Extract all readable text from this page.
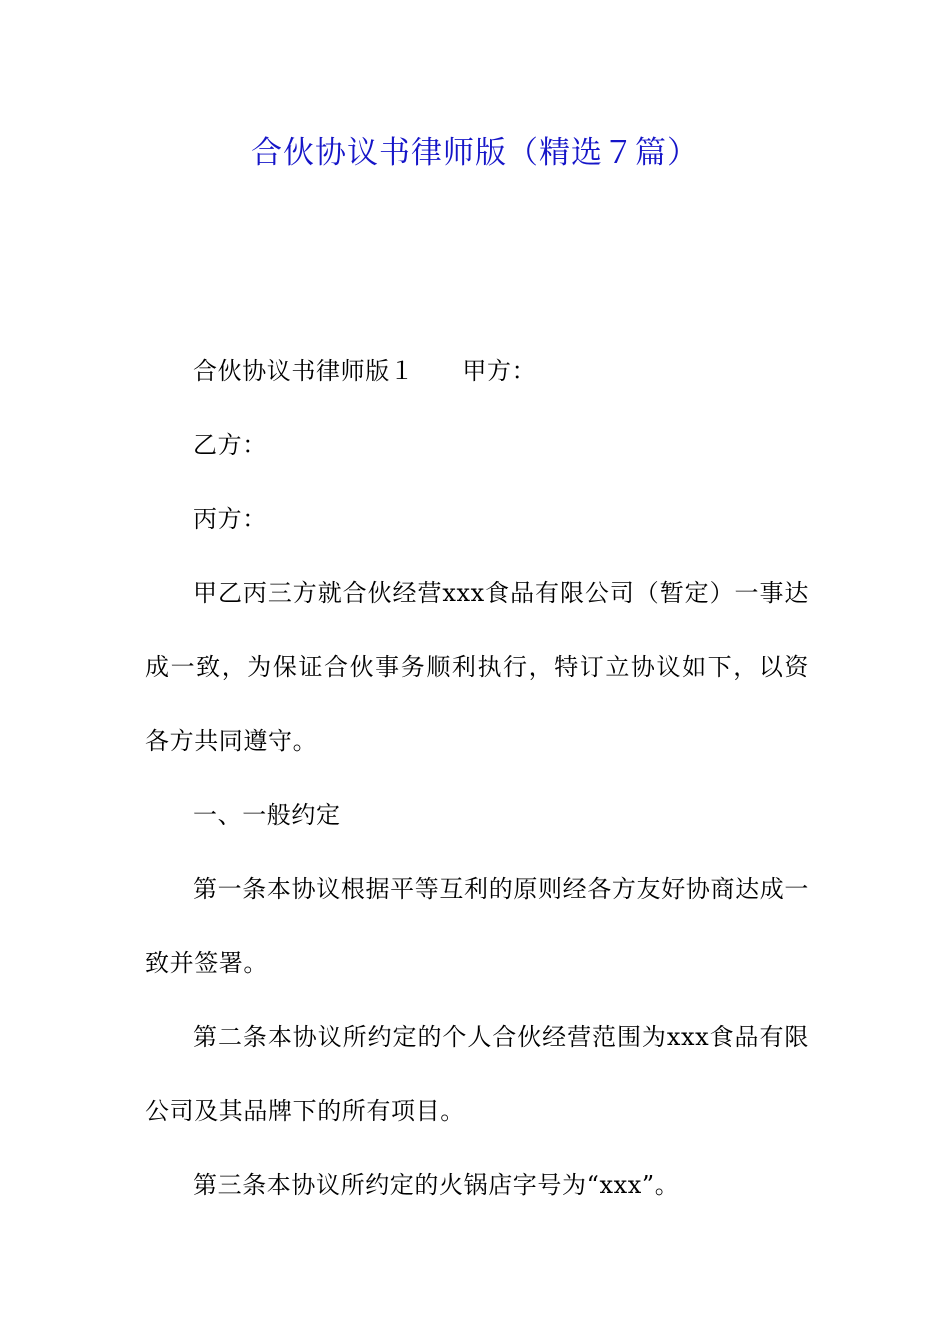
合伙协议书律师版（精选７篇）

合伙协议书律师版１ 甲方：

乙方：

丙方：

甲乙丙三方就合伙经营xxx食品有限公司（暂定）一事达成一致，为保证合伙事务顺利执行，特订立协议如下，以资各方共同遵守。

一、一般约定

第一条本协议根据平等互利的原则经各方友好协商达成一致并签署。

第二条本协议所约定的个人合伙经营范围为xxx食品有限公司及其品牌下的所有项目。

第三条本协议所约定的火锅店字号为“xxx”。
